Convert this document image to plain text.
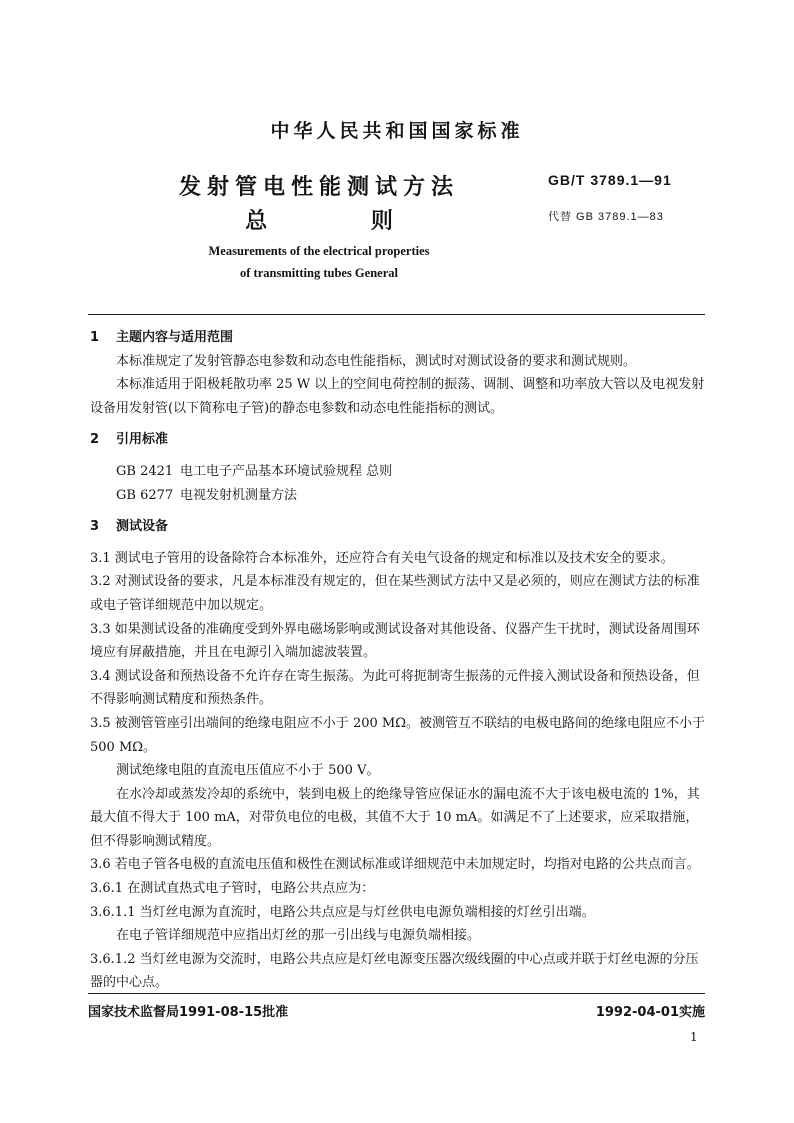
中华人民共和国国家标准
发射管电性能测试方法
总 则
GB/T 3789.1—91
代替 GB 3789.1—83
Measurements of the electrical properties
of transmitting tubes General

1 主题内容与适用范围

本标准规定了发射管静态电参数和动态电性能指标，测试时对测试设备的要求和测试规则。

本标准适用于阳极耗散功率 25 W 以上的空间电荷控制的振荡、调制、调整和功率放大管以及电视发射设备用发射管(以下简称电子管)的静态电参数和动态电性能指标的测试。

2 引用标准

GB 2421 电工电子产品基本环境试验规程 总则

GB 6277 电视发射机测量方法

3 测试设备

3.1 测试电子管用的设备除符合本标准外，还应符合有关电气设备的规定和标准以及技术安全的要求。

3.2 对测试设备的要求，凡是本标准没有规定的，但在某些测试方法中又是必须的，则应在测试方法的标准或电子管详细规范中加以规定。

3.3 如果测试设备的准确度受到外界电磁场影响或测试设备对其他设备、仪器产生干扰时，测试设备周围环境应有屏蔽措施，并且在电源引入端加滤波装置。

3.4 测试设备和预热设备不允许存在寄生振荡。为此可将扼制寄生振荡的元件接入测试设备和预热设备，但不得影响测试精度和预热条件。

3.5 被测管管座引出端间的绝缘电阻应不小于 200 MΩ。被测管互不联结的电极电路间的绝缘电阻应不小于 500 MΩ。

测试绝缘电阻的直流电压值应不小于 500 V。

在水冷却或蒸发冷却的系统中，装到电极上的绝缘导管应保证水的漏电流不大于该电极电流的 1%，其最大值不得大于 100 mA，对带负电位的电极，其值不大于 10 mA。如满足不了上述要求，应采取措施，但不得影响测试精度。

3.6 若电子管各电极的直流电压值和极性在测试标准或详细规范中未加规定时，均指对电路的公共点而言。

3.6.1 在测试直热式电子管时，电路公共点应为：

3.6.1.1 当灯丝电源为直流时，电路公共点应是与灯丝供电电源负端相接的灯丝引出端。

在电子管详细规范中应指出灯丝的那一引出线与电源负端相接。

3.6.1.2 当灯丝电源为交流时，电路公共点应是灯丝电源变压器次级线圈的中心点或并联于灯丝电源的分压器的中心点。

国家技术监督局1991-08-15批准	1992-04-01实施
1
